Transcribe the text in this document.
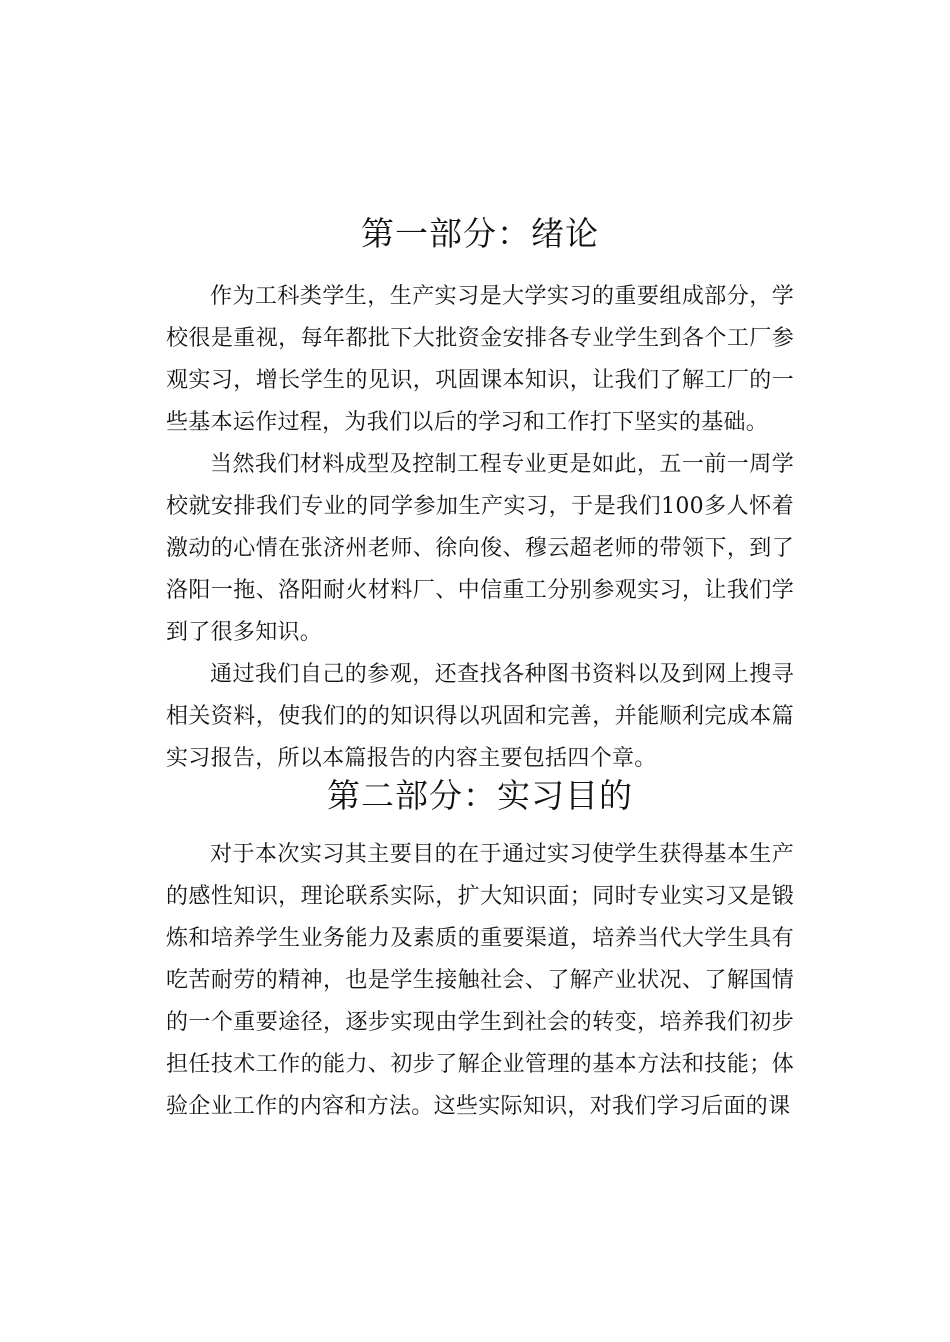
第一部分：绪论

作为工科类学生，生产实习是大学实习的重要组成部分，学校很是重视，每年都批下大批资金安排各专业学生到各个工厂参观实习，增长学生的见识，巩固课本知识，让我们了解工厂的一些基本运作过程，为我们以后的学习和工作打下坚实的基础。

当然我们材料成型及控制工程专业更是如此，五一前一周学校就安排我们专业的同学参加生产实习，于是我们100多人怀着激动的心情在张济州老师、徐向俊、穆云超老师的带领下，到了洛阳一拖、洛阳耐火材料厂、中信重工分别参观实习，让我们学到了很多知识。

通过我们自己的参观，还查找各种图书资料以及到网上搜寻相关资料，使我们的的知识得以巩固和完善，并能顺利完成本篇实习报告，所以本篇报告的内容主要包括四个章。

第二部分：实习目的

对于本次实习其主要目的在于通过实习使学生获得基本生产的感性知识，理论联系实际，扩大知识面；同时专业实习又是锻炼和培养学生业务能力及素质的重要渠道，培养当代大学生具有吃苦耐劳的精神，也是学生接触社会、了解产业状况、了解国情的一个重要途径，逐步实现由学生到社会的转变，培养我们初步担任技术工作的能力、初步了解企业管理的基本方法和技能；体验企业工作的内容和方法。这些实际知识，对我们学习后面的课
